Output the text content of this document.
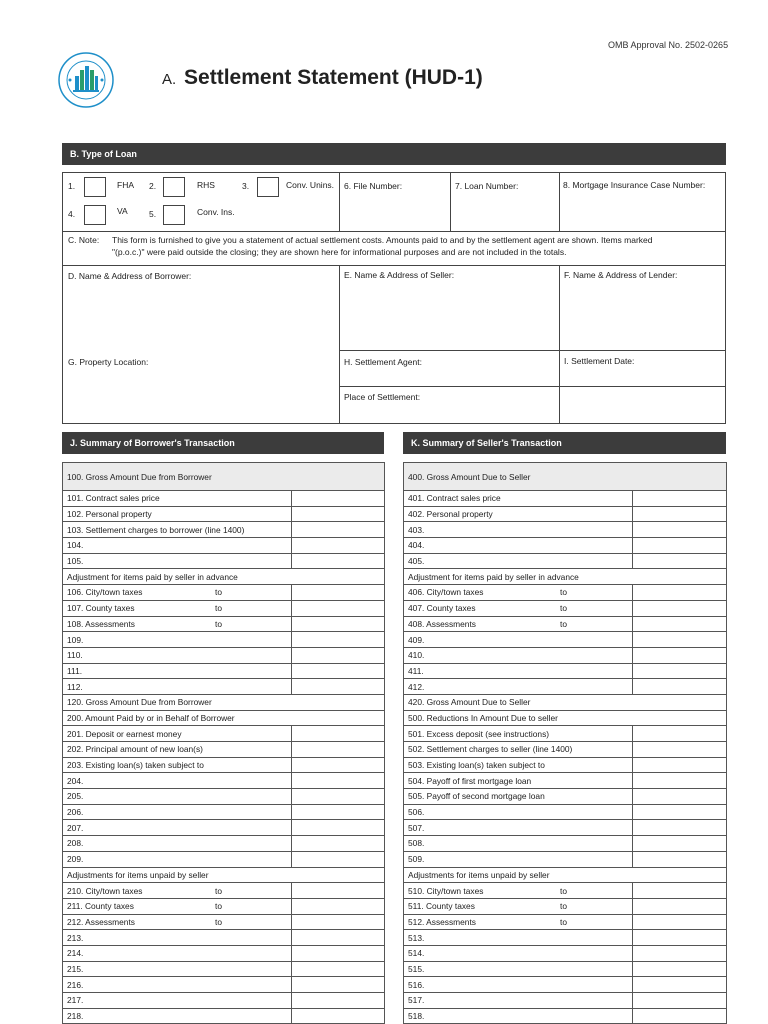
OMB Approval No. 2502-0265
A. Settlement Statement (HUD-1)
B. Type of Loan
1.	FHA 2.	RHS	3.	Conv. Unins.
4.	VA	5.	Conv. Ins.
6. File Number:	7. Loan Number:	8. Mortgage Insurance Case Number:
C. Note: This form is furnished to give you a statement of actual settlement costs. Amounts paid to and by the settlement agent are shown. Items marked
"(p.o.c.)" were paid outside the closing; they are shown here for informational purposes and are not included in the totals.
D. Name & Address of Borrower:	E. Name & Address of Seller:	F. Name & Address of Lender:
G. Property Location:	H. Settlement Agent:	I. Settlement Date:
Place of Settlement:
J. Summary of Borrower's Transaction	K. Summary of Seller's Transaction
100. Gross Amount Due from Borrower	
101. Contract sales price	
102. Personal property	
103. Settlement charges to borrower (line 1400)	
104.	
105.	
Adjustment for items paid by seller in advance	
106. City/town taxes to	

107. County taxes to	

108. Assessments to	

109.	
110.	
111.	
112.	
120. Gross Amount Due from Borrower	
200. Amount Paid by or in Behalf of Borrower	
201. Deposit or earnest money	
202. Principal amount of new loan(s)	
203. Existing loan(s) taken subject to	
204.	
205.	
206.	
207.	
208.	
209.	
Adjustments for items unpaid by seller	
210. City/town taxes to	

211. County taxes to	

212. Assessments to	

213.	
214.	
215.	
216.	
217.	
218.	
400. Gross Amount Due to Seller	
401. Contract sales price	
402. Personal property	
403.	
404.	
405.	
Adjustment for items paid by seller in advance	
406. City/town taxes to	

407. County taxes to	

408. Assessments to	

409.	
410.	
411.	
412.	
420. Gross Amount Due to Seller	
500. Reductions In Amount Due to seller	
501. Excess deposit (see instructions)	
502. Settlement charges to seller (line 1400)	
503. Existing loan(s) taken subject to	
504. Payoff of first mortgage loan	
505. Payoff of second mortgage loan	
506.	
507.	
508.	
509.	
Adjustments for items unpaid by seller	
510. City/town taxes to	

511. County taxes to	

512. Assessments to	

513.	
514.	
515.	
516.	
517.	
518.	
